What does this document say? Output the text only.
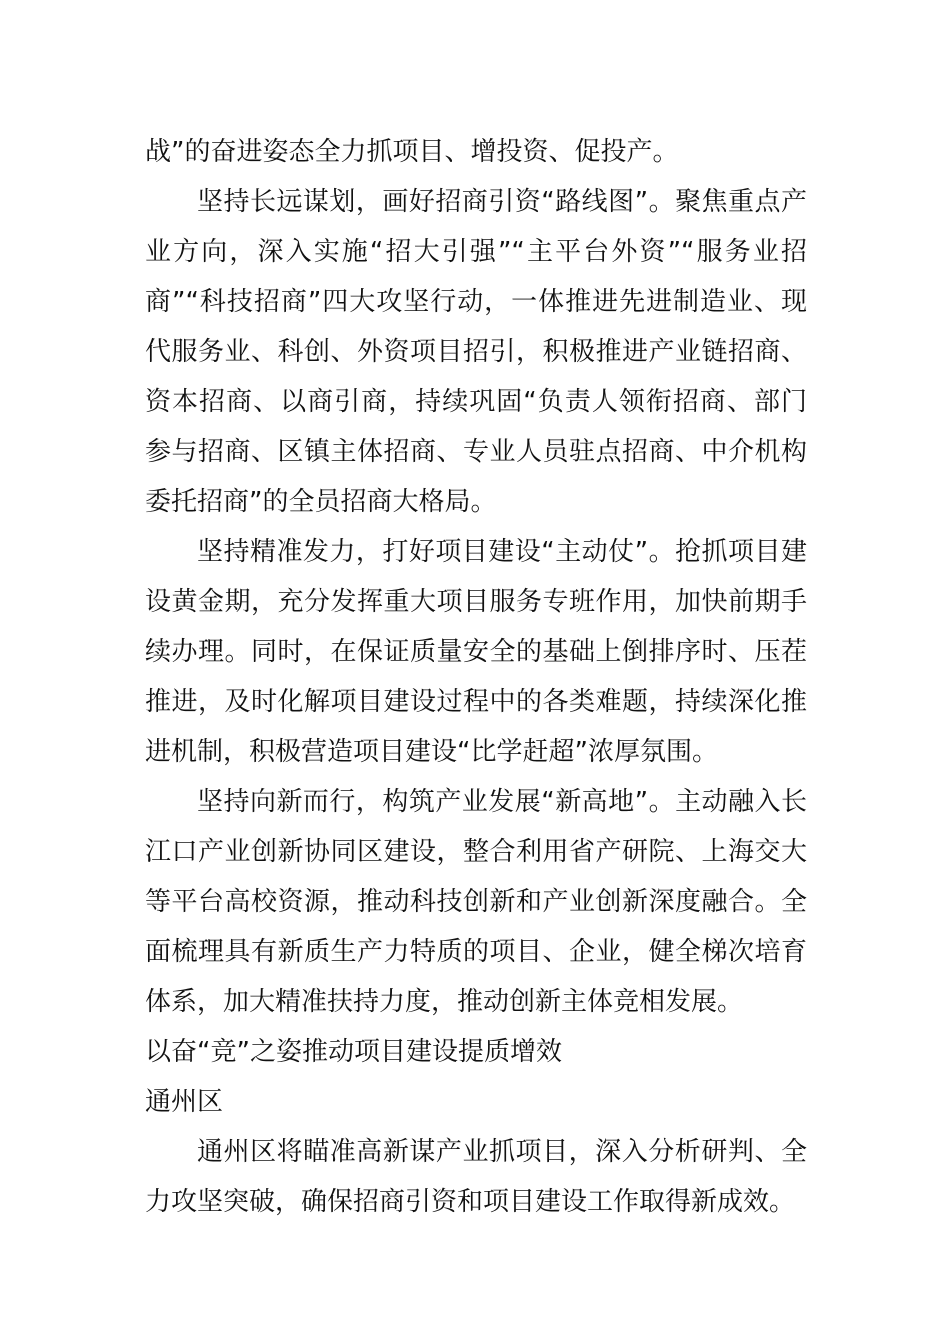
战”的奋进姿态全力抓项目、增投资、促投产。

坚持长远谋划，画好招商引资“路线图”。聚焦重点产业方向，深入实施“招大引强”“主平台外资”“服务业招商”“科技招商”四大攻坚行动，一体推进先进制造业、现代服务业、科创、外资项目招引，积极推进产业链招商、资本招商、以商引商，持续巩固“负责人领衔招商、部门参与招商、区镇主体招商、专业人员驻点招商、中介机构委托招商”的全员招商大格局。

坚持精准发力，打好项目建设“主动仗”。抢抓项目建设黄金期，充分发挥重大项目服务专班作用，加快前期手续办理。同时，在保证质量安全的基础上倒排序时、压茬推进，及时化解项目建设过程中的各类难题，持续深化推进机制，积极营造项目建设“比学赶超”浓厚氛围。

坚持向新而行，构筑产业发展“新高地”。主动融入长江口产业创新协同区建设，整合利用省产研院、上海交大等平台高校资源，推动科技创新和产业创新深度融合。全面梳理具有新质生产力特质的项目、企业，健全梯次培育体系，加大精准扶持力度，推动创新主体竞相发展。

以奋“竞”之姿推动项目建设提质增效

通州区

通州区将瞄准高新谋产业抓项目，深入分析研判、全力攻坚突破，确保招商引资和项目建设工作取得新成效。
